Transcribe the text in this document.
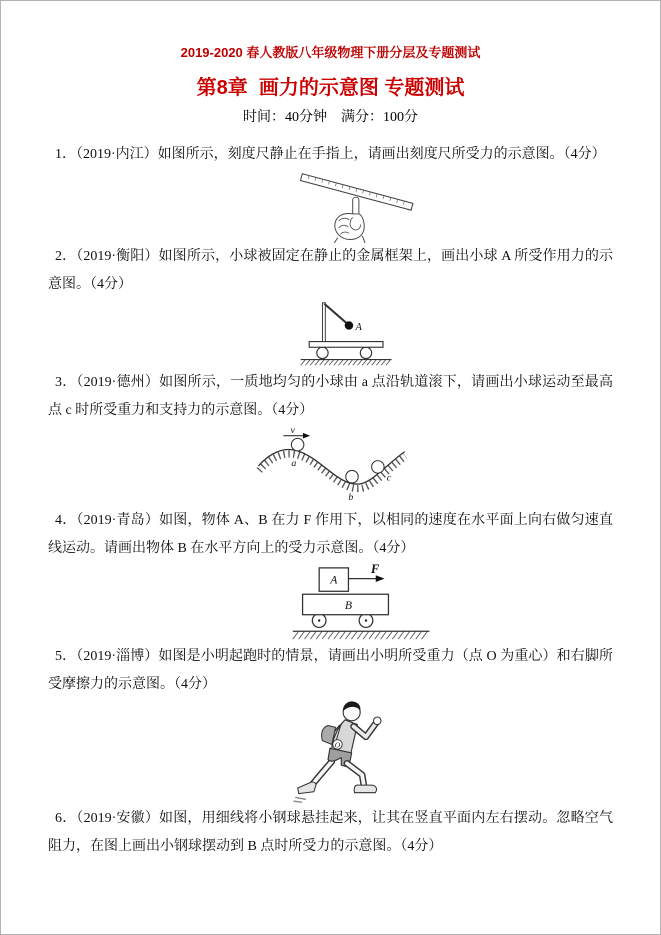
2019-2020 春人教版八年级物理下册分层及专题测试
第8章  画力的示意图 专题测试
时间：40分钟　满分：100分

1．（2019·内江）如图所示，刻度尺静止在手指上，请画出刻度尺所受力的示意图。（4分）

2．（2019·衡阳）如图所示，小球被固定在静止的金属框架上，画出小球 A 所受作用力的示意图。（4分）

A

3．（2019·德州）如图所示，一质地均匀的小球由 a 点沿轨道滚下，请画出小球运动至最高点 c 时所受重力和支持力的示意图。（4分）

v
a
b
c

4．（2019·青岛）如图，物体 A、B 在力 F 作用下，以相同的速度在水平面上向右做匀速直线运动。请画出物体 B 在水平方向上的受力示意图。（4分）

A
B
F

5．（2019·淄博）如图是小明起跑时的情景，请画出小明所受重力（点 O 为重心）和右脚所受摩擦力的示意图。（4分）

O

6．（2019·安徽）如图，用细线将小钢球悬挂起来，让其在竖直平面内左右摆动。忽略空气阻力，在图上画出小钢球摆动到 B 点时所受力的示意图。（4分）
